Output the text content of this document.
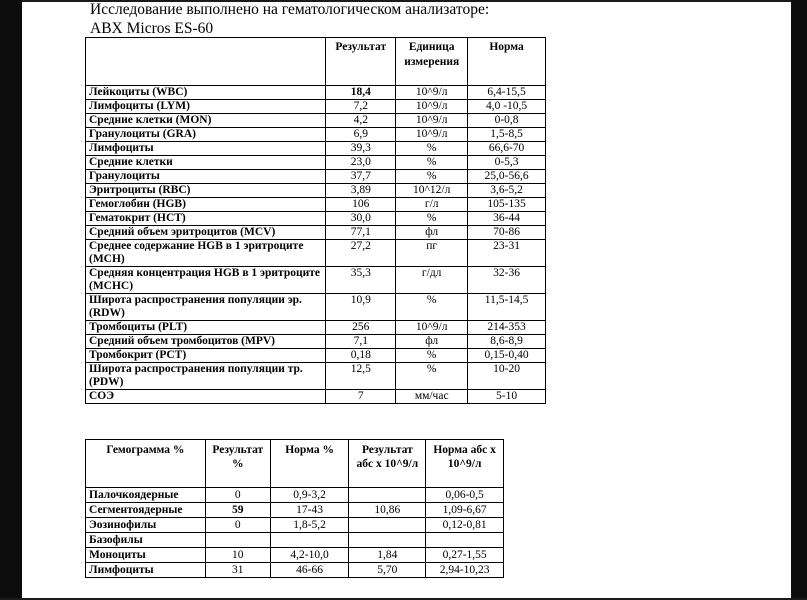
Исследование выполнено на гематологическом анализаторе:
ABX Micros ES-60
	Результат	Единица измерения	Норма
Лейкоциты (WBC)	18,4	10^9/л	6,4-15,5
Лимфоциты (LYM)	7,2	10^9/л	4,0 -10,5
Средние клетки (MON)	4,2	10^9/л	0-0,8
Гранулоциты (GRA)	6,9	10^9/л	1,5-8,5
Лимфоциты	39,3	%	66,6-70
Средние клетки	23,0	%	0-5,3
Гранулоциты	37,7	%	25,0-56,6
Эритроциты (RBC)	3,89	10^12/л	3,6-5,2
Гемоглобин (HGB)	106	г/л	105-135
Гематокрит (HCT)	30,0	%	36-44
Средний объем эритроцитов (MCV)	77,1	фл	70-86
Среднее содержание HGB в 1 эритроците (MCH)	27,2	пг	23-31
Средняя концентрация HGB в 1 эритроците (MCHC)	35,3	г/дл	32-36
Широта распространения популяции эр. (RDW)	10,9	%	11,5-14,5
Тромбоциты (PLT)	256	10^9/л	214-353
Средний объем тромбоцитов (MPV)	7,1	фл	8,6-8,9
Тромбокрит (PCT)	0,18	%	0,15-0,40
Широта распространения популяции тр. (PDW)	12,5	%	10-20
СОЭ	7	мм/час	5-10
Гемограмма %	Результат %	Норма %	Результат абс x 10^9/л	Норма абс x 10^9/л
Палочкоядерные	0	0,9-3,2		0,06-0,5
Сегментоядерные	59	17-43	10,86	1,09-6,67
Эозинофилы	0	1,8-5,2		0,12-0,81
Базофилы				
Моноциты	10	4,2-10,0	1,84	0,27-1,55
Лимфоциты	31	46-66	5,70	2,94-10,23
